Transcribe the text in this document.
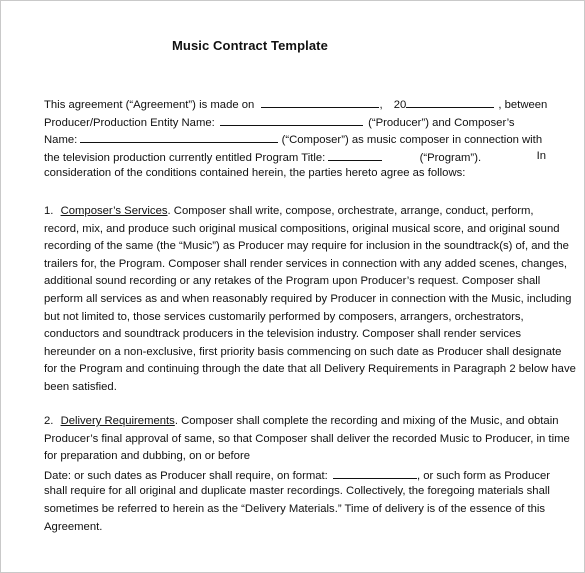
Music Contract Template
This agreement (“Agreement”) is made on	, 20	, between
Producer/Production Entity Name:	(“Producer”) and Composer’s
Name:	(“Composer”) as music composer in connection with
the television production currently entitled Program Title:	(“Program”).	In
consideration of the conditions contained herein, the parties hereto agree as follows:
1. Composer’s Services. Composer shall write, compose, orchestrate, arrange, conduct, perform,
record, mix, and produce such original musical compositions, original musical score, and original sound
recording of the same (the “Music”) as Producer may require for inclusion in the soundtrack(s) of, and the
trailers for, the Program. Composer shall render services in connection with any added scenes, changes,
additional sound recording or any retakes of the Program upon Producer’s request. Composer shall
perform all services as and when reasonably required by Producer in connection with the Music, including
but not limited to, those services customarily performed by composers, arrangers, orchestrators,
conductors and soundtrack producers in the television industry. Composer shall render services
hereunder on a non-exclusive, first priority basis commencing on such date as Producer shall designate
for the Program and continuing through the date that all Delivery Requirements in Paragraph 2 below have
been satisfied.
2. Delivery Requirements. Composer shall complete the recording and mixing of the Music, and obtain
Producer’s final approval of same, so that Composer shall deliver the recorded Music to Producer, in time
for preparation and dubbing, on or before
Date: or such dates as Producer shall require, on format:	, or such form as Producer
shall require for all original and duplicate master recordings. Collectively, the foregoing materials shall
sometimes be referred to herein as the “Delivery Materials.” Time of delivery is of the essence of this
Agreement.
